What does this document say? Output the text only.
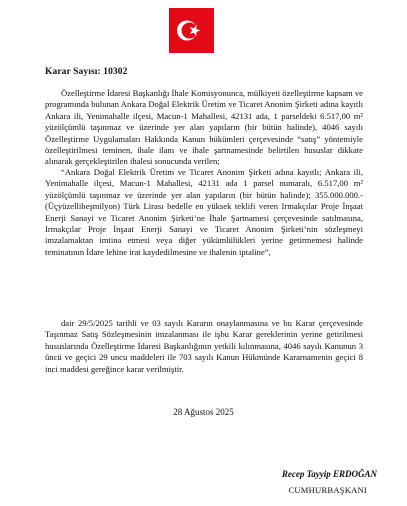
Karar Sayısı: 10302

Özelleştirme İdaresi Başkanlığı İhale Komisyonunca, mülkiyeti özelleştirme kapsam ve programında bulunan Ankara Doğal Elektrik Üretim ve Ticaret Anonim Şirketi adına kayıtlı Ankara ili, Yenimahalle ilçesi, Macun-1 Mahallesi, 42131 ada, 1 parseldeki 6.517,00 m² yüzölçümlü taşınmaz ve üzerinde yer alan yapıların (bir bütün halinde), 4046 sayılı Özelleştirme Uygulamaları Hakkında Kanun hükümleri çerçevesinde “satış” yöntemiyle özelleştirilmesi teminen, ihale ilanı ve ihale şartnamesinde belirtilen hususlar dikkate alınarak gerçekleştirilen ihalesi sonucunda verilen;

“Ankara Doğal Elektrik Üretim ve Ticaret Anonim Şirketi adına kayıtlı; Ankara ili, Yenimahalle ilçesi, Macun-1 Mahallesi, 42131 ada 1 parsel numaralı, 6.517,00 m² yüzölçümlü taşınmaz ve üzerinde yer alan yapıların (bir bütün halinde); 355.000.000.- (Üçyüzellibeşmilyon) Türk Lirası bedelle en yüksek teklifi veren Irmakçılar Proje İnşaat Enerji Sanayi ve Ticaret Anonim Şirketi’ne İhale Şartnamesi çerçevesinde satılmasına, Irmakçılar Proje İnşaat Enerji Sanayi ve Ticaret Anonim Şirketi’nin sözleşmeyi imzalamaktan imtina etmesi veya diğer yükümlülükleri yerine getirmemesi halinde teminatının İdare lehine irat kaydedilmesine ve ihalenin iptaline”,

dair 29/5/2025 tarihli ve 03 sayılı Kararın onaylanmasına ve bu Karar çerçevesinde Taşınmaz Satış Sözleşmesinin imzalanması ile işbu Karar gereklerinin yerine getirilmesi hususlarında Özelleştirme İdaresi Başkanlığının yetkili kılınmasına, 4046 sayılı Kanunun 3 üncü ve geçici 29 uncu maddeleri ile 703 sayılı Kanun Hükmünde Kararnamenin geçici 8 inci maddesi gereğince karar verilmiştir.

28 Ağustos 2025
Recep Tayyip ERDOĞAN
CUMHURBAŞKANI
